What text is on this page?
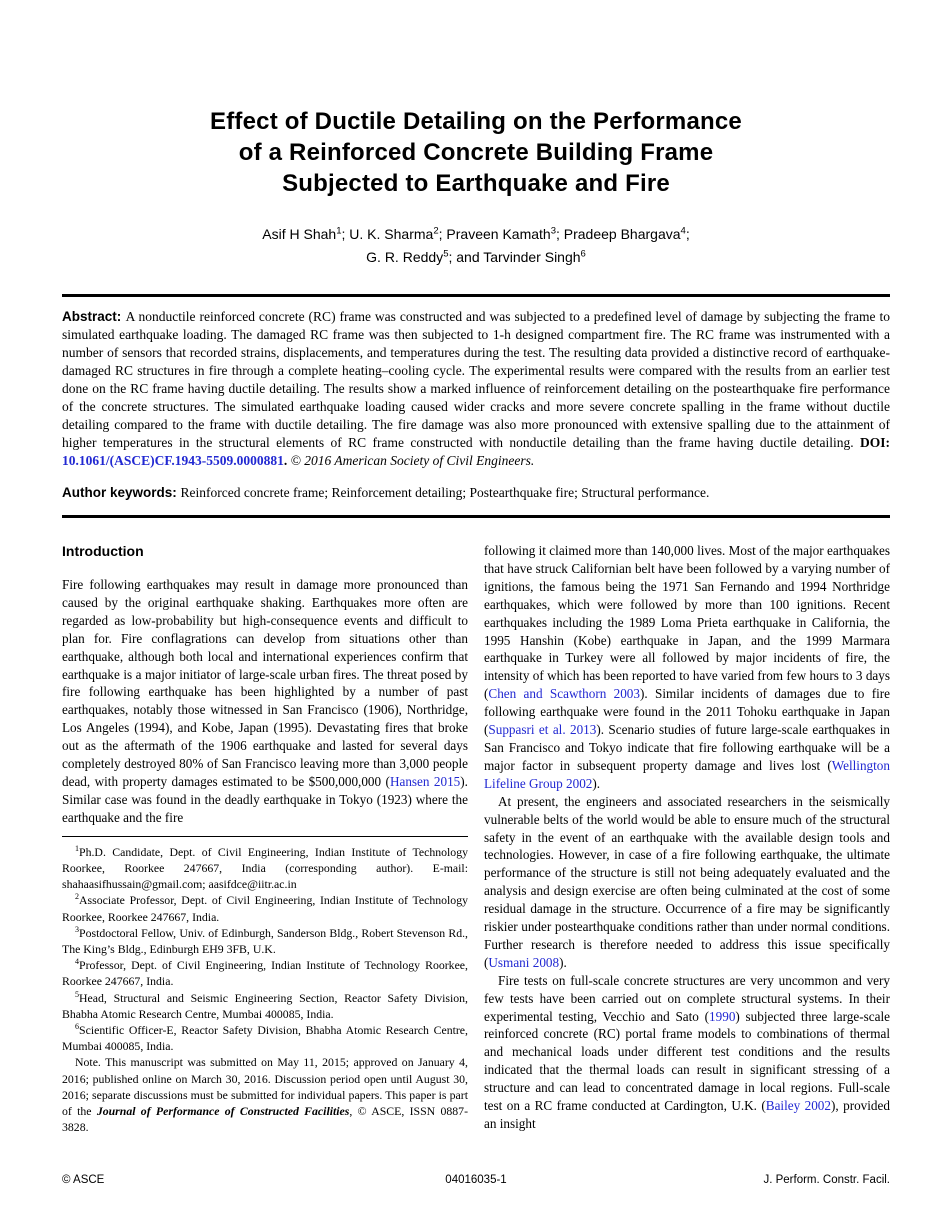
Effect of Ductile Detailing on the Performance
of a Reinforced Concrete Building Frame
Subjected to Earthquake and Fire
Asif H Shah$^1$; U. K. Sharma$^2$; Praveen Kamath$^3$; Pradeep Bhargava$^4$;
G. R. Reddy$^5$; and Tarvinder Singh$^6$

Abstract: A nonductile reinforced concrete (RC) frame was constructed and was subjected to a predefined level of damage by subjecting the frame to simulated earthquake loading. The damaged RC frame was then subjected to 1-h designed compartment fire. The RC frame was instrumented with a number of sensors that recorded strains, displacements, and temperatures during the test. The resulting data provided a distinctive record of earthquake-damaged RC structures in fire through a complete heating–cooling cycle. The experimental results were compared with the results from an earlier test done on the RC frame having ductile detailing. The results show a marked influence of reinforcement detailing on the postearthquake fire performance of the concrete structures. The simulated earthquake loading caused wider cracks and more severe concrete spalling in the frame without ductile detailing compared to the frame with ductile detailing. The fire damage was also more pronounced with extensive spalling due to the attainment of higher temperatures in the structural elements of RC frame constructed with nonductile detailing than the frame having ductile detailing. DOI: 10.1061/(ASCE)CF.1943-5509.0000881. © 2016 American Society of Civil Engineers.

Author keywords: Reinforced concrete frame; Reinforcement detailing; Postearthquake fire; Structural performance.

Introduction

Fire following earthquakes may result in damage more pronounced than caused by the original earthquake shaking. Earthquakes more often are regarded as low-probability but high-consequence events and difficult to plan for. Fire conflagrations can develop from situations other than earthquake, although both local and international experiences confirm that earthquake is a major initiator of large-scale urban fires. The threat posed by fire following earthquake has been highlighted by a number of past earthquakes, notably those witnessed in San Francisco (1906), Northridge, Los Angeles (1994), and Kobe, Japan (1995). Devastating fires that broke out as the aftermath of the 1906 earthquake and lasted for several days completely destroyed 80% of San Francisco leaving more than 3,000 people dead, with property damages estimated to be $500,000,000 (Hansen 2015). Similar case was found in the deadly earthquake in Tokyo (1923) where the earthquake and the fire

$^1$Ph.D. Candidate, Dept. of Civil Engineering, Indian Institute of Technology Roorkee, Roorkee 247667, India (corresponding author). E-mail: shahaasifhussain@gmail.com; aasifdce@iitr.ac.in

$^2$Associate Professor, Dept. of Civil Engineering, Indian Institute of Technology Roorkee, Roorkee 247667, India.

$^3$Postdoctoral Fellow, Univ. of Edinburgh, Sanderson Bldg., Robert Stevenson Rd., The King’s Bldg., Edinburgh EH9 3FB, U.K.

$^4$Professor, Dept. of Civil Engineering, Indian Institute of Technology Roorkee, Roorkee 247667, India.

$^5$Head, Structural and Seismic Engineering Section, Reactor Safety Division, Bhabha Atomic Research Centre, Mumbai 400085, India.

$^6$Scientific Officer-E, Reactor Safety Division, Bhabha Atomic Research Centre, Mumbai 400085, India.

Note. This manuscript was submitted on May 11, 2015; approved on January 4, 2016; published online on March 30, 2016. Discussion period open until August 30, 2016; separate discussions must be submitted for individual papers. This paper is part of the Journal of Performance of Constructed Facilities, © ASCE, ISSN 0887-3828.

following it claimed more than 140,000 lives. Most of the major earthquakes that have struck Californian belt have been followed by a varying number of ignitions, the famous being the 1971 San Fernando and 1994 Northridge earthquakes, which were followed by more than 100 ignitions. Recent earthquakes including the 1989 Loma Prieta earthquake in California, the 1995 Hanshin (Kobe) earthquake in Japan, and the 1999 Marmara earthquake in Turkey were all followed by major incidents of fire, the intensity of which has been reported to have varied from few hours to 3 days (Chen and Scawthorn 2003). Similar incidents of damages due to fire following earthquake were found in the 2011 Tohoku earthquake in Japan (Suppasri et al. 2013). Scenario studies of future large-scale earthquakes in San Francisco and Tokyo indicate that fire following earthquake will be a major factor in subsequent property damage and lives lost (Wellington Lifeline Group 2002).

At present, the engineers and associated researchers in the seismically vulnerable belts of the world would be able to ensure much of the structural safety in the event of an earthquake with the available design tools and technologies. However, in case of a fire following earthquake, the ultimate performance of the structure is still not being adequately evaluated and the analysis and design exercise are often being culminated at the cost of some residual damage in the structure. Occurrence of a fire may be significantly riskier under postearthquake conditions rather than under normal conditions. Further research is therefore needed to address this issue specifically (Usmani 2008).

Fire tests on full-scale concrete structures are very uncommon and very few tests have been carried out on complete structural systems. In their experimental testing, Vecchio and Sato (1990) subjected three large-scale reinforced concrete (RC) portal frame models to combinations of thermal and mechanical loads under different test conditions and the results indicated that the thermal loads can result in significant stressing of a structure and can lead to concentrated damage in local regions. Full-scale test on a RC frame conducted at Cardington, U.K. (Bailey 2002), provided an insight

© ASCE	04016035-1	J. Perform. Constr. Facil.
